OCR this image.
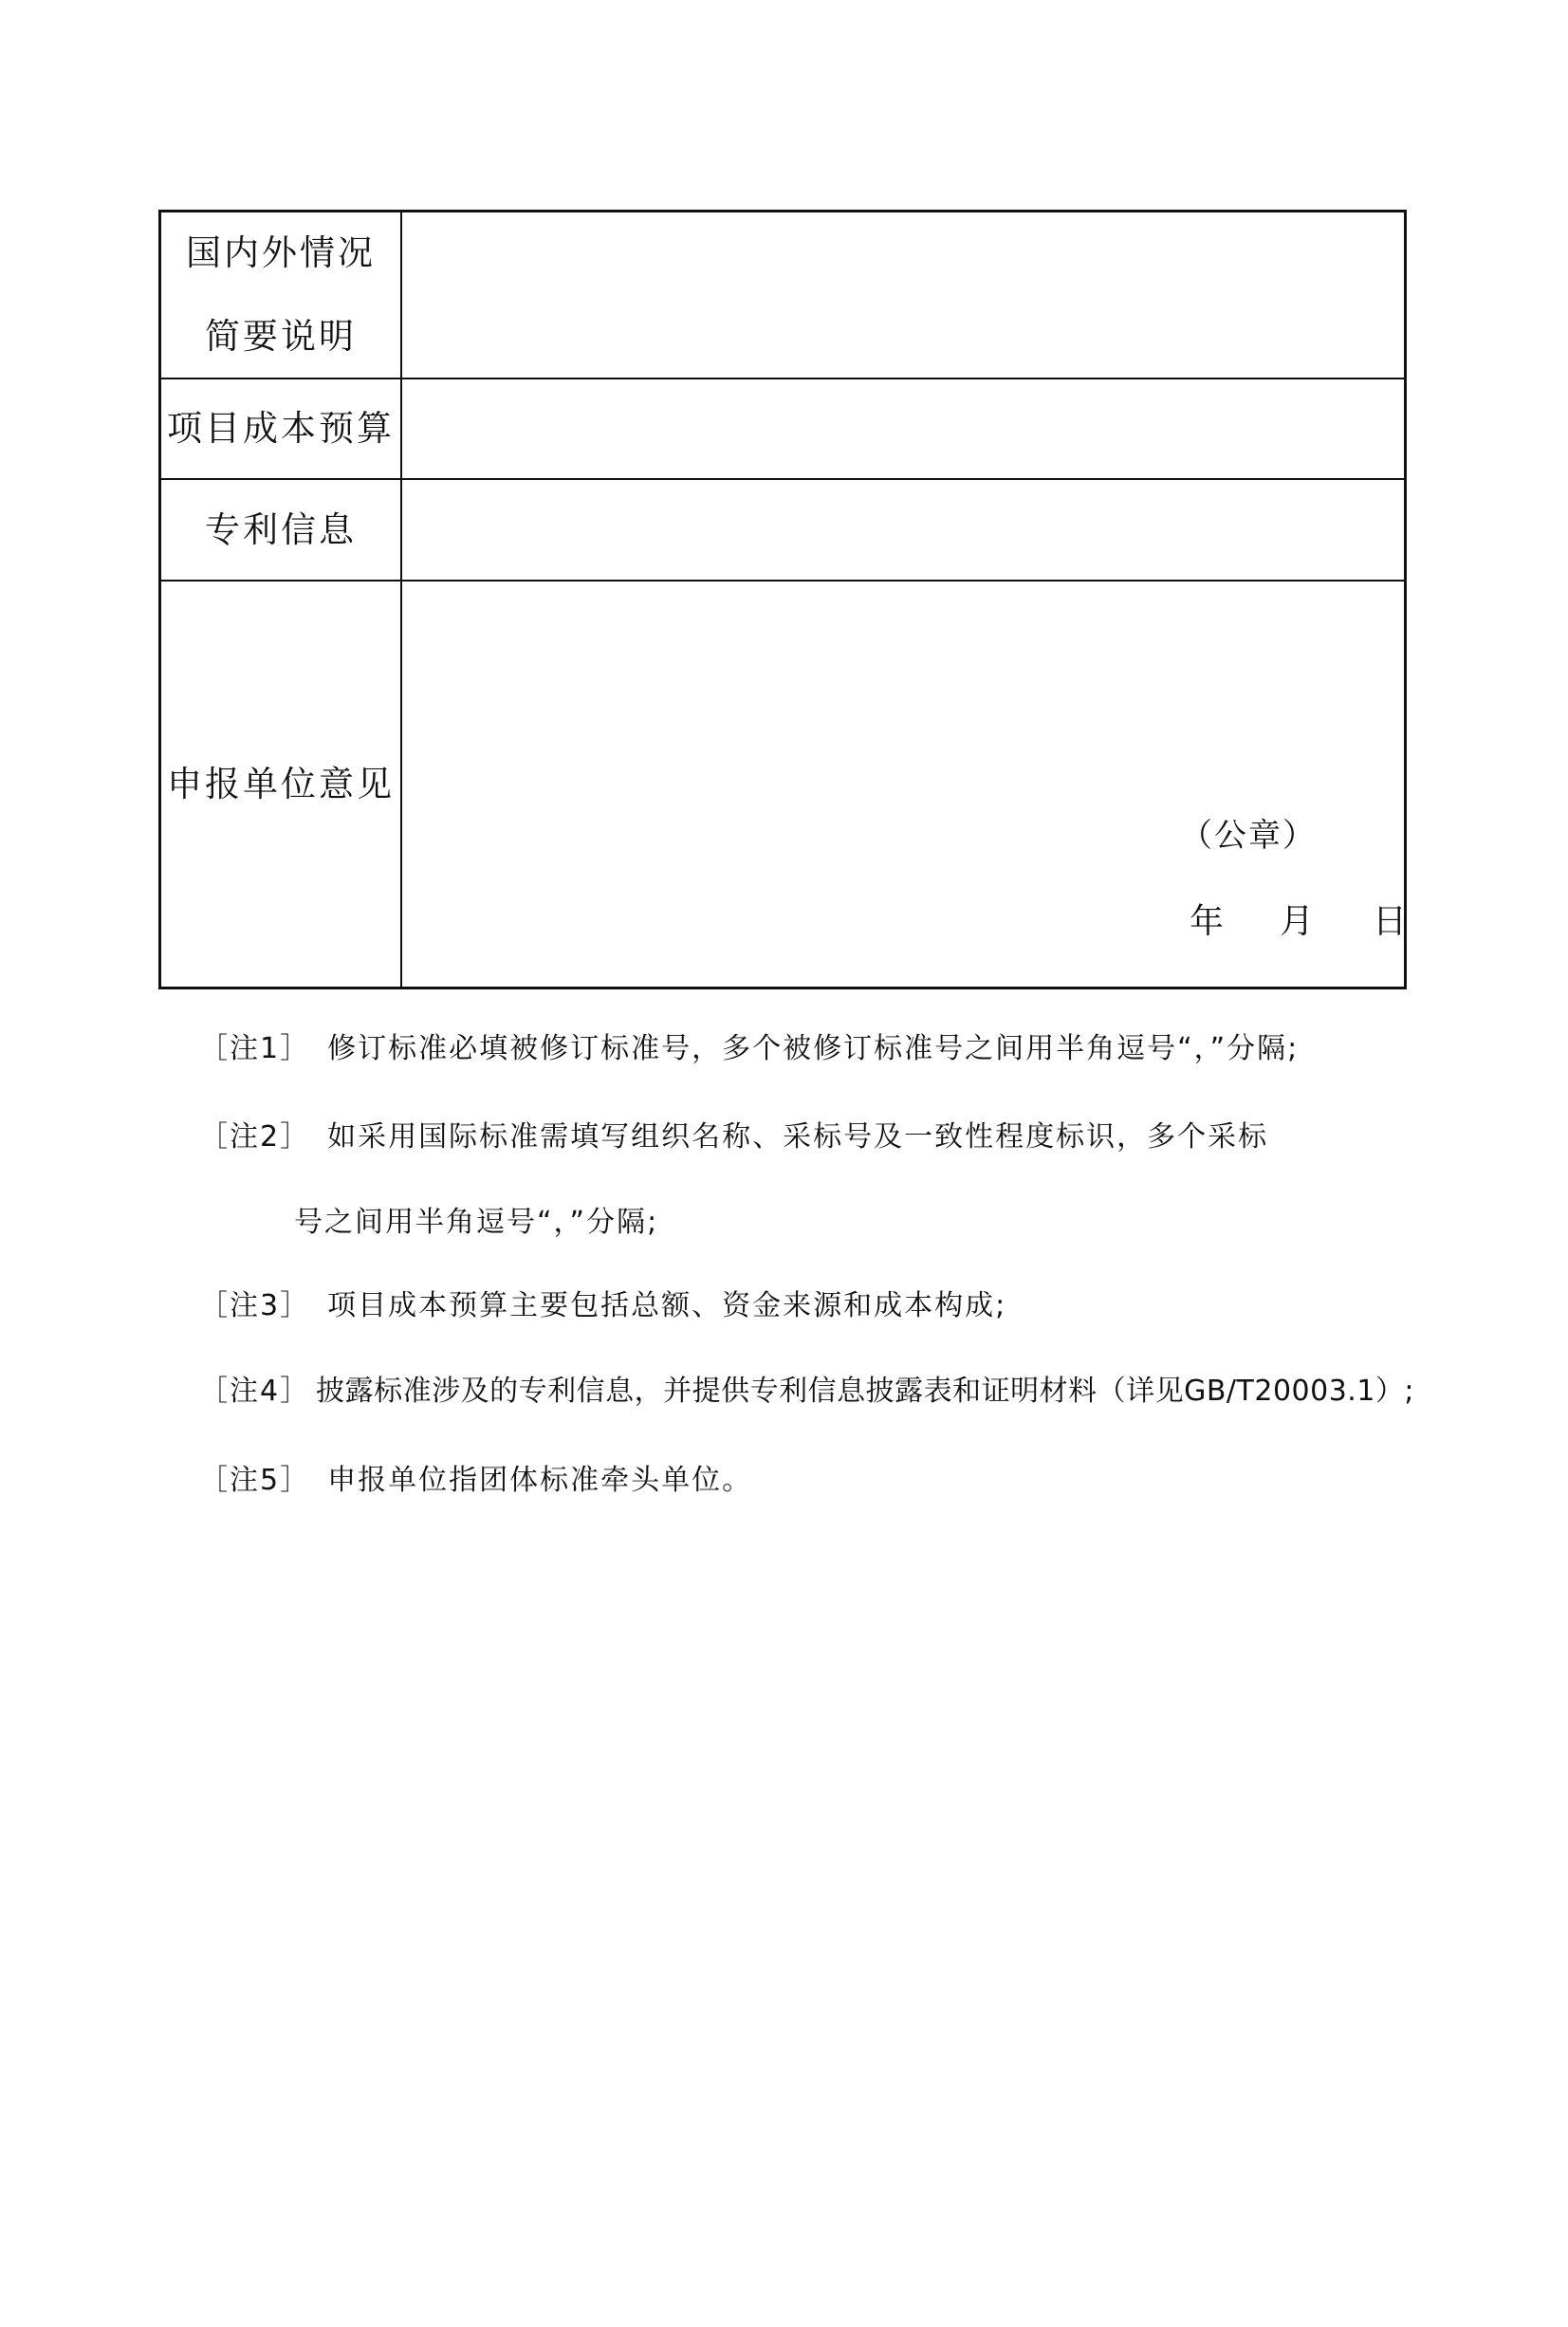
国内外情况
简要说明
项目成本预算
专利信息
申报单位意见
（公章）
年 月 日
［注1］ 修订标准必填被修订标准号，多个被修订标准号之间用半角逗号“，”分隔;
［注2］ 如采用国际标准需填写组织名称、采标号及一致性程度标识，多个采标
号之间用半角逗号“，”分隔;
［注3］ 项目成本预算主要包括总额、资金来源和成本构成;
［注4］ 披露标准涉及的专利信息，并提供专利信息披露表和证明材料（详见GB/T20003.1）;
［注5］ 申报单位指团体标准牵头单位。
